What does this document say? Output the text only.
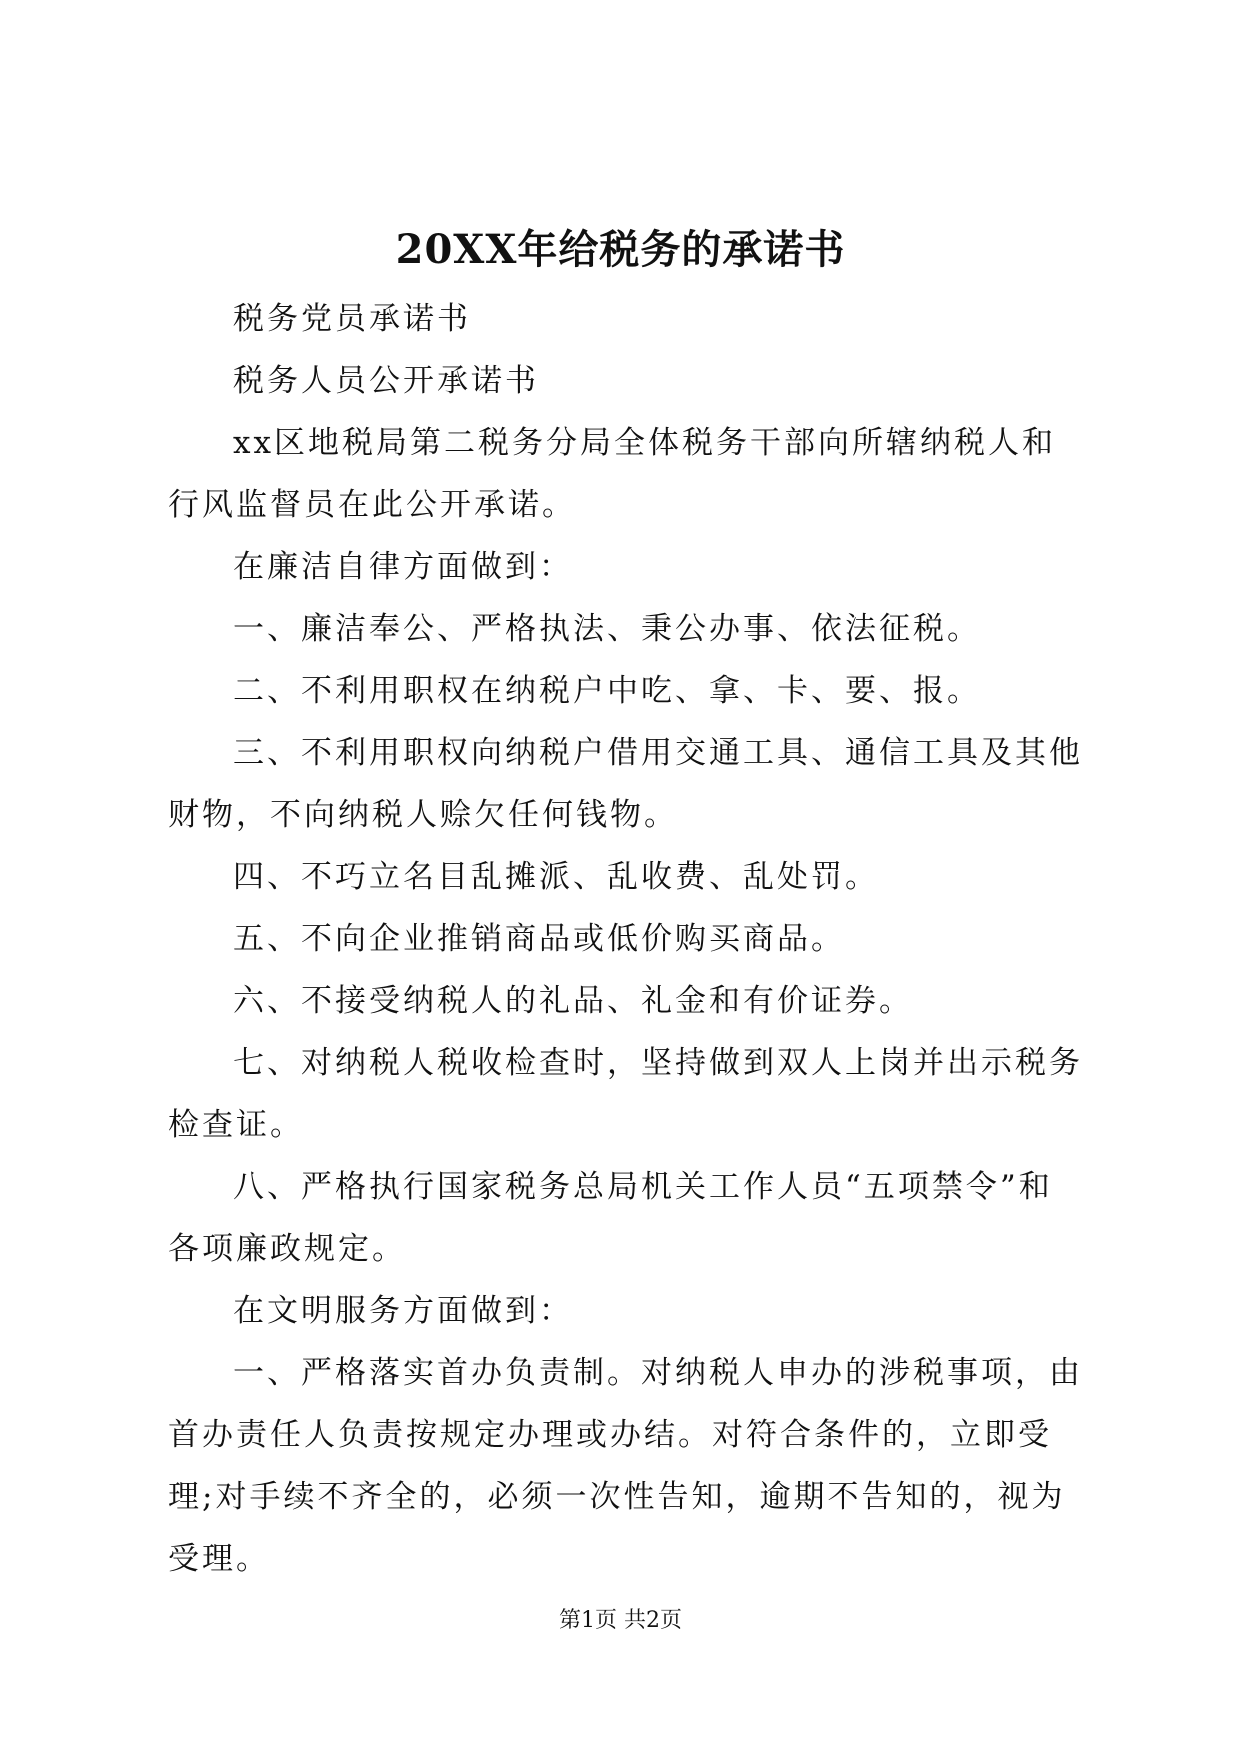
20XX年给税务的承诺书

税务党员承诺书

税务人员公开承诺书

xx区地税局第二税务分局全体税务干部向所辖纳税人和行风监督员在此公开承诺。

在廉洁自律方面做到：

一、廉洁奉公、严格执法、秉公办事、依法征税。

二、不利用职权在纳税户中吃、拿、卡、要、报。

三、不利用职权向纳税户借用交通工具、通信工具及其他财物，不向纳税人赊欠任何钱物。

四、不巧立名目乱摊派、乱收费、乱处罚。

五、不向企业推销商品或低价购买商品。

六、不接受纳税人的礼品、礼金和有价证券。

七、对纳税人税收检查时，坚持做到双人上岗并出示税务检查证。

八、严格执行国家税务总局机关工作人员“五项禁令”和各项廉政规定。

在文明服务方面做到：

一、严格落实首办负责制。对纳税人申办的涉税事项，由首办责任人负责按规定办理或办结。对符合条件的，立即受理;对手续不齐全的，必须一次性告知，逾期不告知的，视为受理。

第1页 共2页
